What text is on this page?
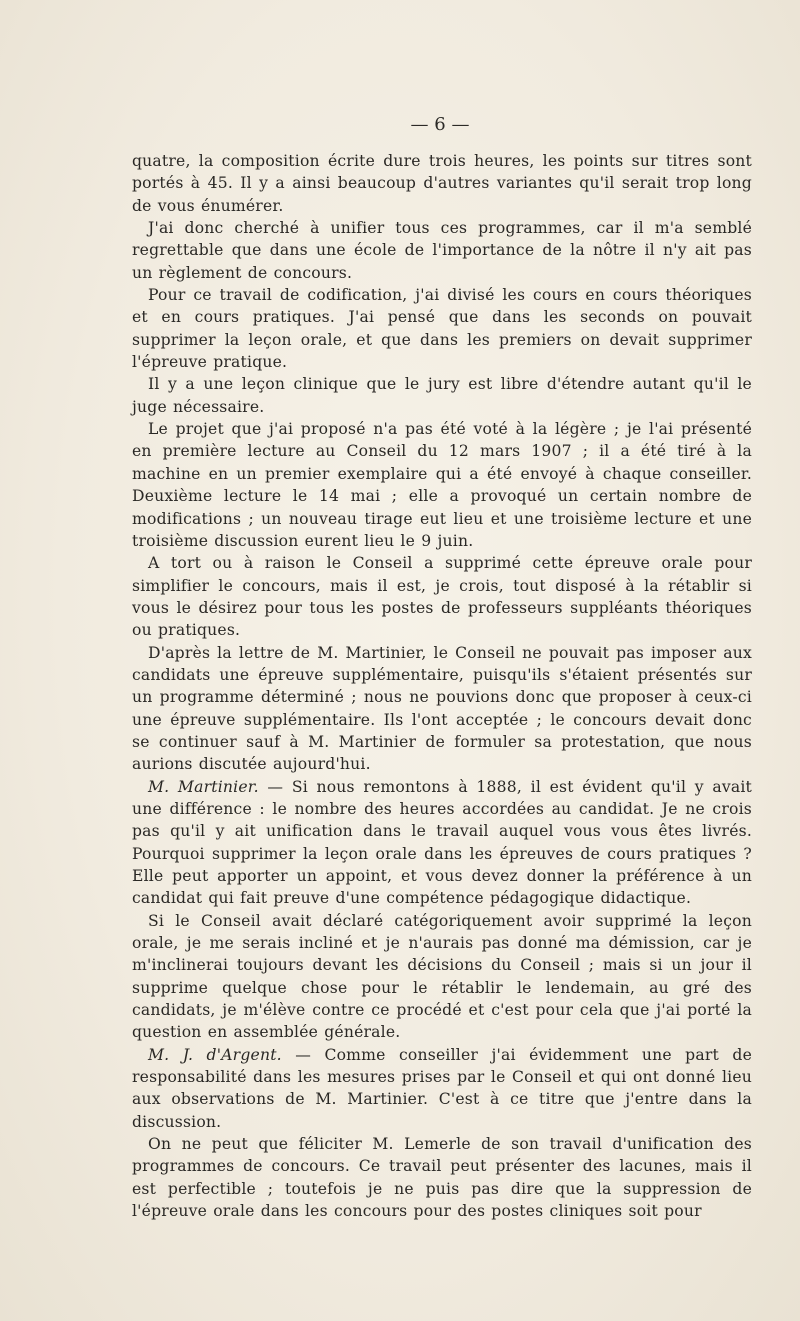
— 6 —

quatre, la composition écrite dure trois heures, les points sur titres sont portés à 45. Il y a ainsi beaucoup d'autres variantes qu'il serait trop long de vous énumérer.

J'ai donc cherché à unifier tous ces programmes, car il m'a semblé regrettable que dans une école de l'importance de la nôtre il n'y ait pas un règlement de concours.

Pour ce travail de codification, j'ai divisé les cours en cours théoriques et en cours pratiques. J'ai pensé que dans les seconds on pouvait supprimer la leçon orale, et que dans les premiers on devait supprimer l'épreuve pratique.

Il y a une leçon clinique que le jury est libre d'étendre autant qu'il le juge nécessaire.

Le projet que j'ai proposé n'a pas été voté à la légère ; je l'ai présenté en première lecture au Conseil du 12 mars 1907 ; il a été tiré à la machine en un premier exemplaire qui a été envoyé à chaque conseiller. Deuxième lecture le 14 mai ; elle a provoqué un certain nombre de modifications ; un nouveau tirage eut lieu et une troisième lecture et une troisième discussion eurent lieu le 9 juin.

A tort ou à raison le Conseil a supprimé cette épreuve orale pour simplifier le concours, mais il est, je crois, tout disposé à la rétablir si vous le désirez pour tous les postes de professeurs suppléants théoriques ou pratiques.

D'après la lettre de M. Martinier, le Conseil ne pouvait pas imposer aux candidats une épreuve supplémentaire, puisqu'ils s'étaient présentés sur un programme déterminé ; nous ne pouvions donc que proposer à ceux-ci une épreuve supplémentaire. Ils l'ont acceptée ; le concours devait donc se continuer sauf à M. Martinier de formuler sa protestation, que nous aurions discutée aujourd'hui.

M. Martinier. — Si nous remontons à 1888, il est évident qu'il y avait une différence : le nombre des heures accordées au candidat. Je ne crois pas qu'il y ait unification dans le travail auquel vous vous êtes livrés. Pourquoi supprimer la leçon orale dans les épreuves de cours pratiques ? Elle peut apporter un appoint, et vous devez donner la préférence à un candidat qui fait preuve d'une compétence pédagogique didactique.

Si le Conseil avait déclaré catégoriquement avoir supprimé la leçon orale, je me serais incliné et je n'aurais pas donné ma démission, car je m'inclinerai toujours devant les décisions du Conseil ; mais si un jour il supprime quelque chose pour le rétablir le lendemain, au gré des candidats, je m'élève contre ce procédé et c'est pour cela que j'ai porté la question en assemblée générale.

M. J. d'Argent. — Comme conseiller j'ai évidemment une part de responsabilité dans les mesures prises par le Conseil et qui ont donné lieu aux observations de M. Martinier. C'est à ce titre que j'entre dans la discussion.

On ne peut que féliciter M. Lemerle de son travail d'unification des programmes de concours. Ce travail peut présenter des lacunes, mais il est perfectible ; toutefois je ne puis pas dire que la suppression de l'épreuve orale dans les concours pour des postes cliniques soit pour
